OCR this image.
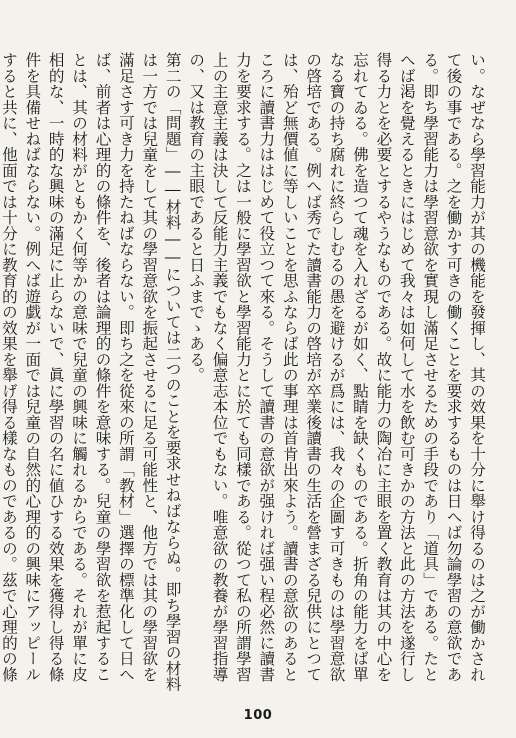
い。なぜなら學習能力が其の機能を發揮し、其の效果を十分に舉け得るのは之が働かされて後の事である。之を働かす可きの働くことを要求するものは日へば勿論學習の意欲である。即ち學習能力は學習意欲を實現し滿足させるための手段であり「道具」である。たとへば渇を覺えるときにはじめて我々は如何して水を飲む可きかの方法と此の方法を遂行し得る力とを必要とするやうなものである。故に能力の陶冶に主眼を置く教育は其の中心を忘れてゐる。佛を造つて魂を入れざるが如く、點睛を缺くものである。折角の能力をば單なる寶の持ち腐れに終らしむるの愚を避けるが爲には、我々の企圖す可きものは學習意欲の啓培である。例へば秀でた讀書能力の啓培が卒業後讀書の生活を營まざる兒供にとつては、殆ど無價値に等しいことを思ふならば此の事理は首肯出來よう。讀書の意欲のあるところに讀書力ははじめて役立つて來る。そうして讀書の意欲が强ければ强い程必然に讀書力を要求する。之は一般に學習欲と學習能力とに於ても同樣である。從つて私の所謂學習上の主意主義は決して反能力主義でもなく偏意志本位でもない。唯意欲の教養が學習指導の、又は教育の主眼であると日ふまでゝある。

第二の「問題」――材料――については二つのことを要求せねばならぬ。即ち學習の材料は一方では兒童をして其の學習意欲を振起させるに足る可能性と、他方では其の學習欲を滿足さす可き力を持たねばならない。即ち之を從來の所謂「教材」選擇の標準化して日へば、前者は心理的の條件を、後者は論理的の條件を意味する。兒童の學習欲を惹起することは、其の材料がともかく何等かの意味で兒童の興味に觸れるからである。それが單に皮相的な、一時的な興味の滿足に止らないで、眞に學習の名に値ひする效果を獲得し得る條件を具備せねばならない。例へば遊戯が一面では兒童の自然的心理的の興味にアッピールすると共に、他面では十分に教育的の效果を舉げ得る樣なものであるの。茲で心理的の條

100
